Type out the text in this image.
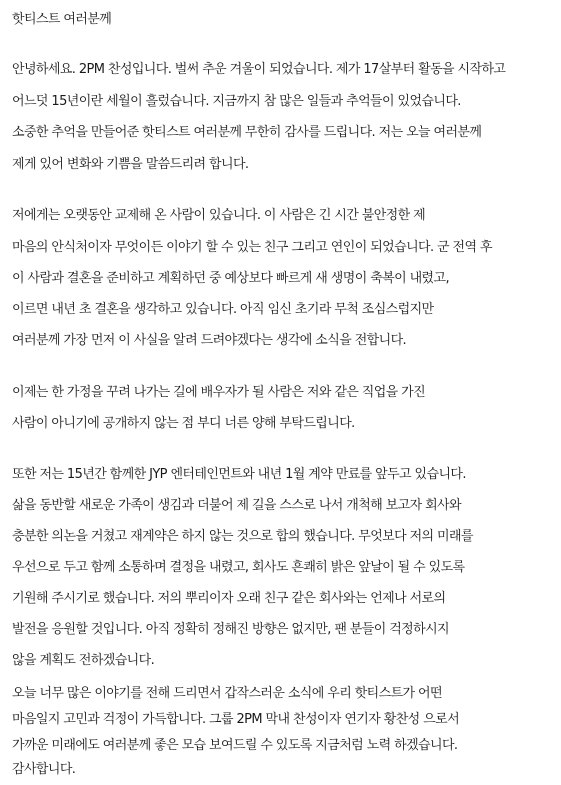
핫티스트 여러분께
안녕하세요. 2PM 찬성입니다. 벌써 추운 겨울이 되었습니다. 제가 17살부터 활동을 시작하고
어느덧 15년이란 세월이 흘렀습니다. 지금까지 참 많은 일들과 추억들이 있었습니다.
소중한 추억을 만들어준 핫티스트 여러분께 무한히 감사를 드립니다. 저는 오늘 여러분께
제게 있어 변화와 기쁨을 말씀드리려 합니다.
저에게는 오랫동안 교제해 온 사람이 있습니다. 이 사람은 긴 시간 불안정한 제
마음의 안식처이자 무엇이든 이야기 할 수 있는 친구 그리고 연인이 되었습니다. 군 전역 후
이 사람과 결혼을 준비하고 계획하던 중 예상보다 빠르게 새 생명이 축복이 내렸고,
이르면 내년 초 결혼을 생각하고 있습니다. 아직 임신 초기라 무척 조심스럽지만
여러분께 가장 먼저 이 사실을 알려 드려야겠다는 생각에 소식을 전합니다.
이제는 한 가정을 꾸려 나가는 길에 배우자가 될 사람은 저와 같은 직업을 가진
사람이 아니기에 공개하지 않는 점 부디 너른 양해 부탁드립니다.
또한 저는 15년간 함께한 JYP 엔터테인먼트와 내년 1월 계약 만료를 앞두고 있습니다.
삶을 동반할 새로운 가족이 생김과 더불어 제 길을 스스로 나서 개척해 보고자 회사와
충분한 의논을 거쳤고 재계약은 하지 않는 것으로 합의 했습니다. 무엇보다 저의 미래를
우선으로 두고 함께 소통하며 결정을 내렸고, 회사도 흔쾌히 밝은 앞날이 될 수 있도록
기원해 주시기로 했습니다. 저의 뿌리이자 오래 친구 같은 회사와는 언제나 서로의
발전을 응원할 것입니다. 아직 정확히 정해진 방향은 없지만, 팬 분들이 걱정하시지
않을 계획도 전하겠습니다.
오늘 너무 많은 이야기를 전해 드리면서 갑작스러운 소식에 우리 핫티스트가 어떤
마음일지 고민과 걱정이 가득합니다. 그룹 2PM 막내 찬성이자 연기자 황찬성 으로서
가까운 미래에도 여러분께 좋은 모습 보여드릴 수 있도록 지금처럼 노력 하겠습니다.
감사합니다.
